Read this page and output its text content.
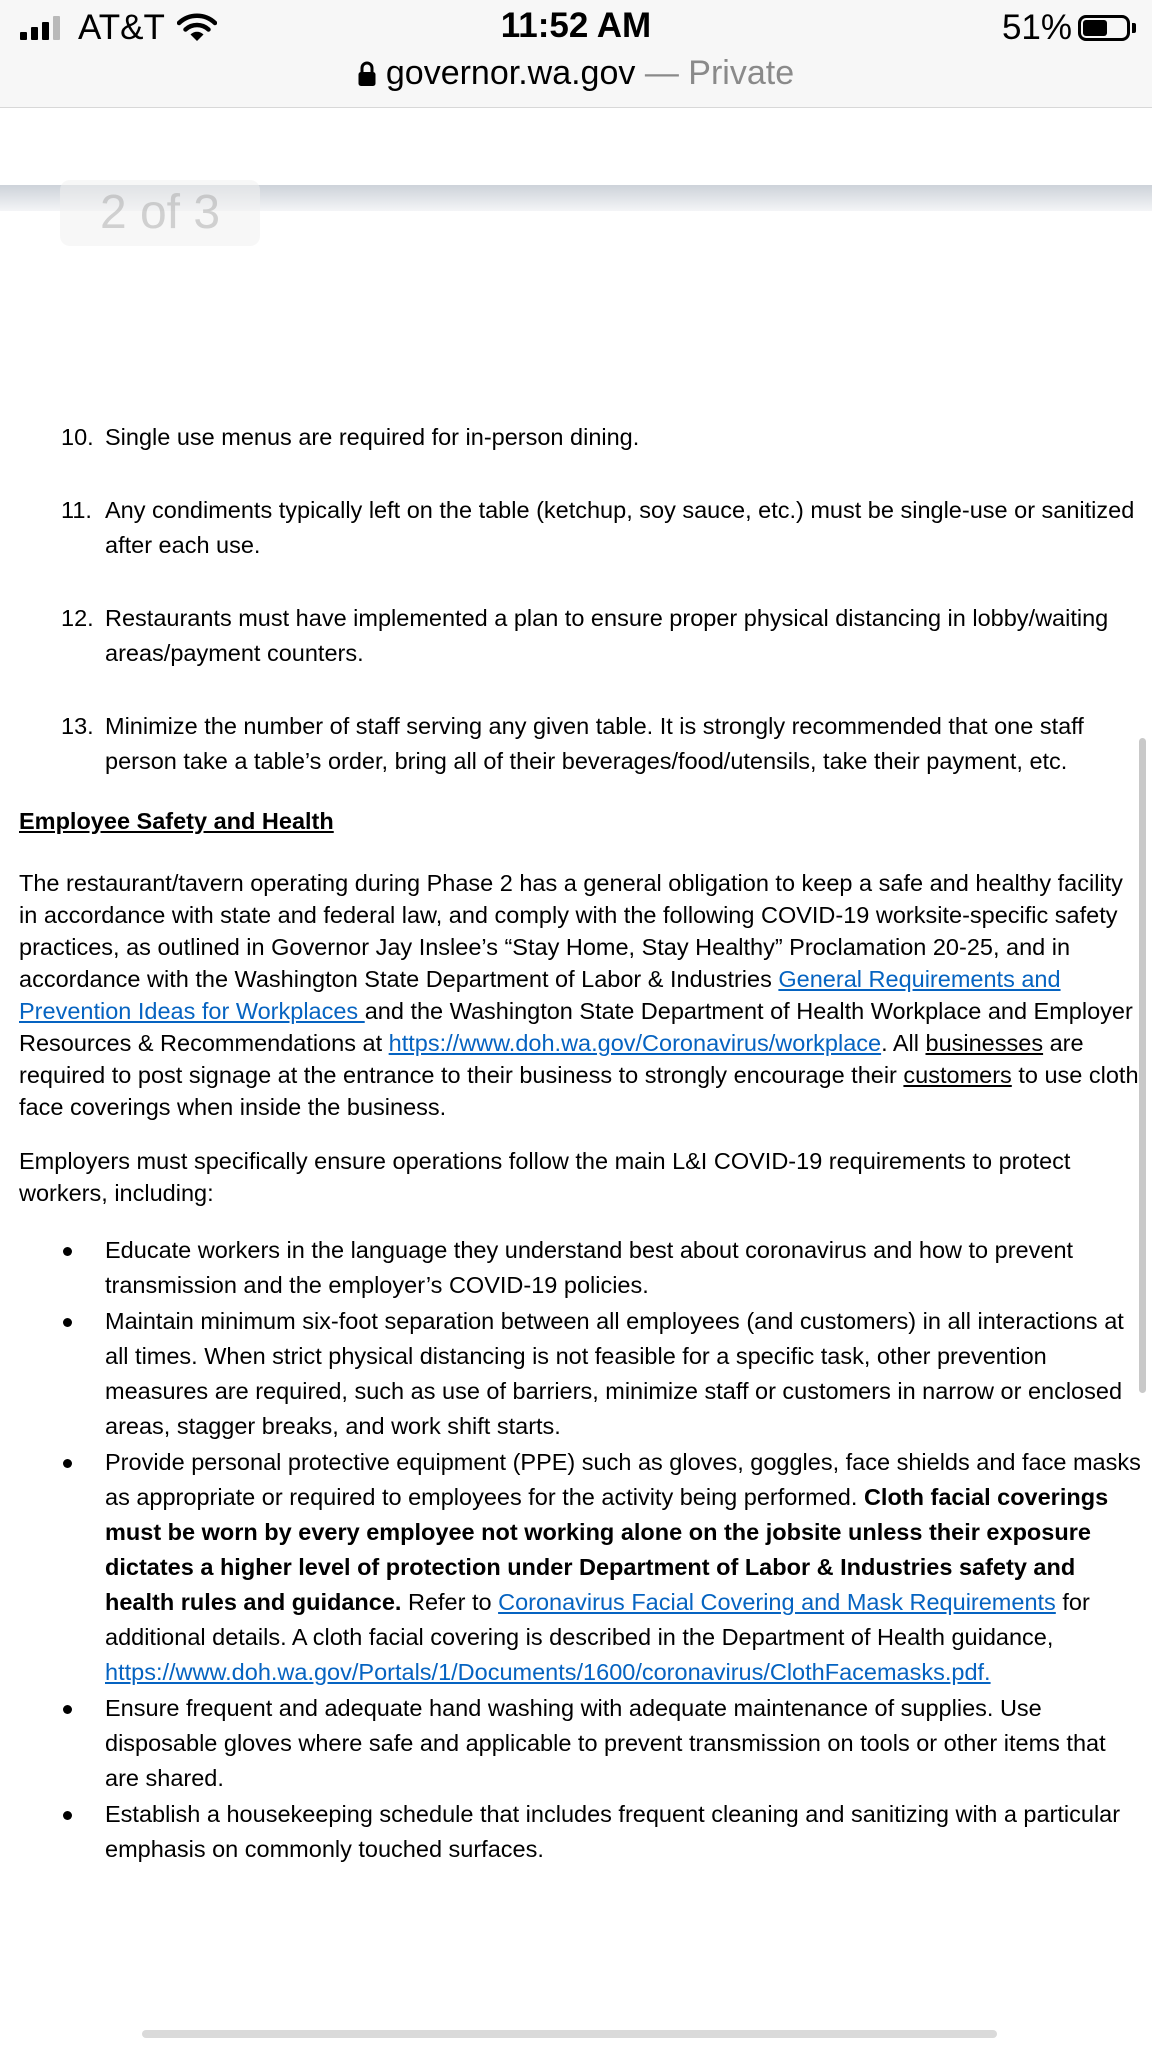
AT&T	11:52 AM	51%
governor.wa.gov — Private
2 of 3
10. Single use menus are required for in-person dining.
11. Any condiments typically left on the table (ketchup, soy sauce, etc.) must be single-use or sanitized after each use.
12. Restaurants must have implemented a plan to ensure proper physical distancing in lobby/waiting areas/payment counters.
13. Minimize the number of staff serving any given table. It is strongly recommended that one staff person take a table’s order, bring all of their beverages/food/utensils, take their payment, etc.
Employee Safety and Health

The restaurant/tavern operating during Phase 2 has a general obligation to keep a safe and healthy facility in accordance with state and federal law, and comply with the following COVID-19 worksite-specific safety practices, as outlined in Governor Jay Inslee’s “Stay Home, Stay Healthy” Proclamation 20-25, and in accordance with the Washington State Department of Labor & Industries General Requirements and Prevention Ideas for Workplaces and the Washington State Department of Health Workplace and Employer Resources & Recommendations at https://www.doh.wa.gov/Coronavirus/workplace. All businesses are required to post signage at the entrance to their business to strongly encourage their customers to use cloth face coverings when inside the business.

Employers must specifically ensure operations follow the main L&I COVID-19 requirements to protect workers, including:

Educate workers in the language they understand best about coronavirus and how to prevent transmission and the employer’s COVID-19 policies.
Maintain minimum six-foot separation between all employees (and customers) in all interactions at all times. When strict physical distancing is not feasible for a specific task, other prevention measures are required, such as use of barriers, minimize staff or customers in narrow or enclosed areas, stagger breaks, and work shift starts.
Provide personal protective equipment (PPE) such as gloves, goggles, face shields and face masks as appropriate or required to employees for the activity being performed. Cloth facial coverings must be worn by every employee not working alone on the jobsite unless their exposure dictates a higher level of protection under Department of Labor & Industries safety and health rules and guidance. Refer to Coronavirus Facial Covering and Mask Requirements for additional details. A cloth facial covering is described in the Department of Health guidance, https://www.doh.wa.gov/Portals/1/Documents/1600/coronavirus/ClothFacemasks.pdf.
Ensure frequent and adequate hand washing with adequate maintenance of supplies. Use disposable gloves where safe and applicable to prevent transmission on tools or other items that are shared.
Establish a housekeeping schedule that includes frequent cleaning and sanitizing with a particular emphasis on commonly touched surfaces.
